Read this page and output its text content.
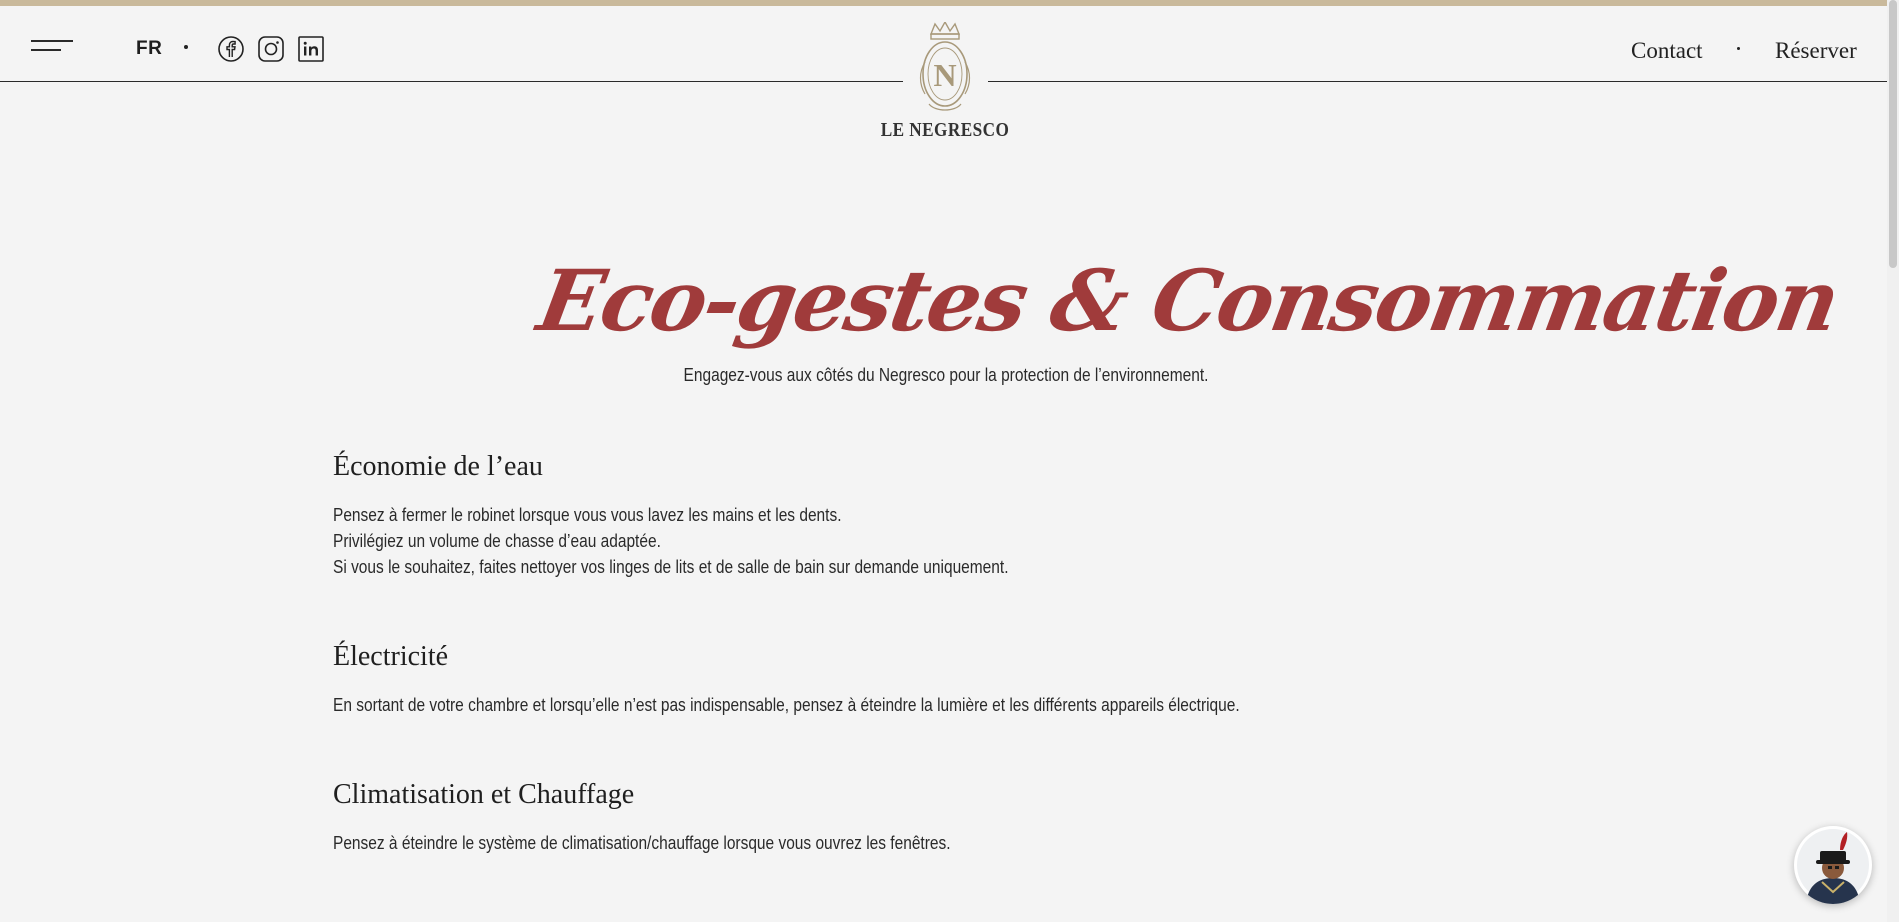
FR
N
LE NEGRESCO
Contact	Réserver
Eco-gestes & Consommation
Engagez-vous aux côtés du Negresco pour la protection de l’environnement.
Économie de l’eau

Pensez à fermer le robinet lorsque vous vous lavez les mains et les dents.

Privilégiez un volume de chasse d’eau adaptée.

Si vous le souhaitez, faites nettoyer vos linges de lits et de salle de bain sur demande uniquement.

Électricité

En sortant de votre chambre et lorsqu’elle n’est pas indispensable, pensez à éteindre la lumière et les différents appareils électrique.

Climatisation et Chauffage

Pensez à éteindre le système de climatisation/chauffage lorsque vous ouvrez les fenêtres.
